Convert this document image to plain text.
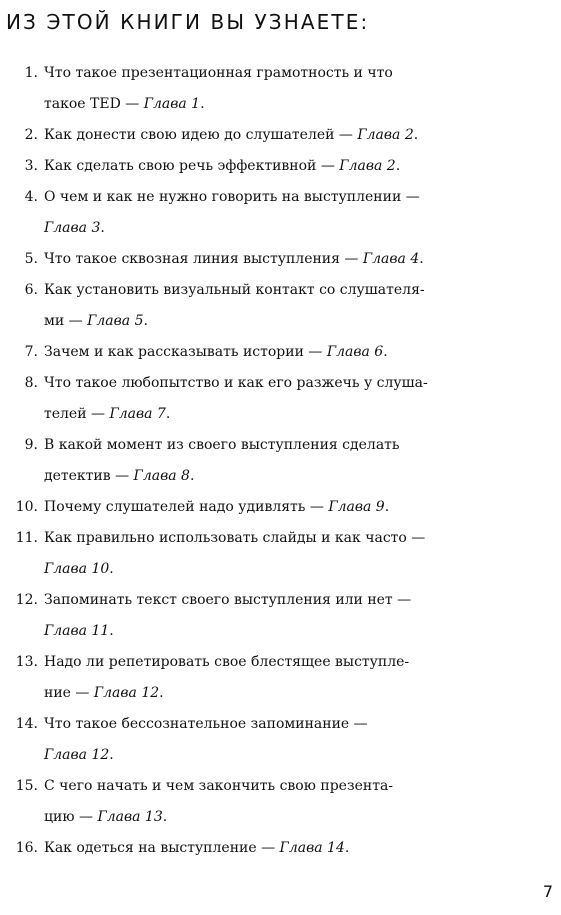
ИЗ ЭТОЙ КНИГИ ВЫ УЗНАЕТЕ:
1. Что такое презентационная грамотность и что
такое TED — Глава 1.
2. Как донести свою идею до слушателей — Глава 2.
3. Как сделать свою речь эффективной — Глава 2.
4. О чем и как не нужно говорить на выступлении —
Глава 3.
5. Что такое сквозная линия выступления — Глава 4.
6. Как установить визуальный контакт со слушателя-
ми — Глава 5.
7. Зачем и как рассказывать истории — Глава 6.
8. Что такое любопытство и как его разжечь у слуша-
телей — Глава 7.
9. В какой момент из своего выступления сделать
детектив — Глава 8.
10. Почему слушателей надо удивлять — Глава 9.
11. Как правильно использовать слайды и как часто —
Глава 10.
12. Запоминать текст своего выступления или нет —
Глава 11.
13. Надо ли репетировать свое блестящее выступле-
ние — Глава 12.
14. Что такое бессознательное запоминание —
Глава 12.
15. С чего начать и чем закончить свою презента-
цию — Глава 13.
16. Как одеться на выступление — Глава 14.
7
